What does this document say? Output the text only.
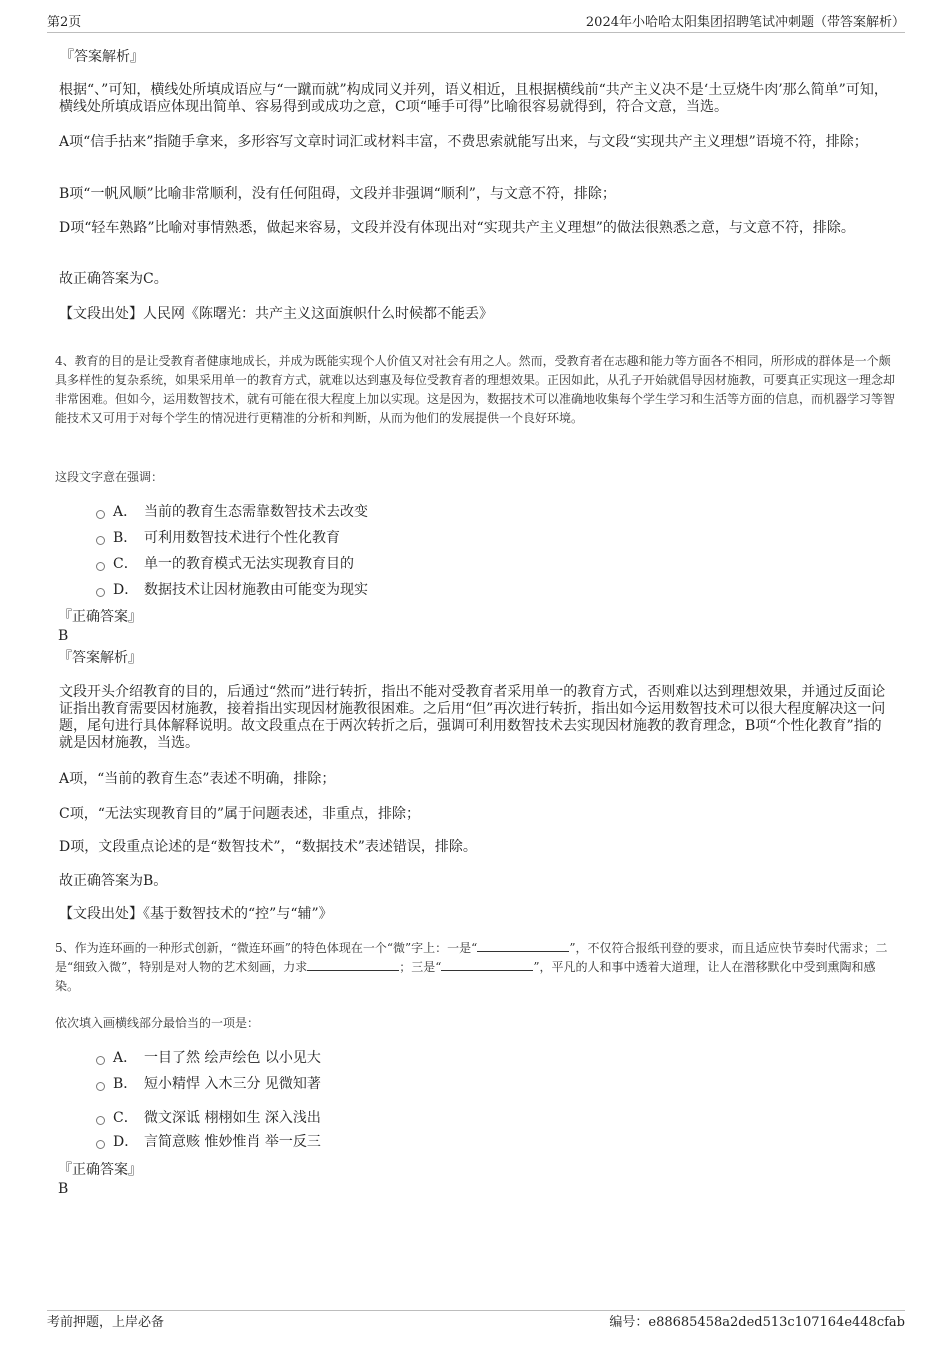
第2页	2024年小哈哈太阳集团招聘笔试冲刺题（带答案解析）
『答案解析』
根据“、”可知，横线处所填成语应与“一蹴而就”构成同义并列，语义相近，且根据横线前“共产主义决不是‘土豆烧牛肉’那么简单”可知，横线处所填成语应体现出简单、容易得到或成功之意，C项“唾手可得”比喻很容易就得到，符合文意，当选。
A项“信手拈来”指随手拿来，多形容写文章时词汇或材料丰富，不费思索就能写出来，与文段“实现共产主义理想”语境不符，排除；
B项“一帆风顺”比喻非常顺利，没有任何阻碍，文段并非强调“顺利”，与文意不符，排除；
D项“轻车熟路”比喻对事情熟悉，做起来容易，文段并没有体现出对“实现共产主义理想”的做法很熟悉之意，与文意不符，排除。
故正确答案为C。
【文段出处】人民网《陈曙光：共产主义这面旗帜什么时候都不能丢》
4、教育的目的是让受教育者健康地成长，并成为既能实现个人价值又对社会有用之人。然而，受教育者在志趣和能力等方面各不相同，所形成的群体是一个颇具多样性的复杂系统，如果采用单一的教育方式，就难以达到惠及每位受教育者的理想效果。正因如此，从孔子开始就倡导因材施教，可要真正实现这一理念却非常困难。但如今，运用数智技术，就有可能在很大程度上加以实现。这是因为，数据技术可以准确地收集每个学生学习和生活等方面的信息，而机器学习等智能技术又可用于对每个学生的情况进行更精准的分析和判断，从而为他们的发展提供一个良好环境。
这段文字意在强调：
A． 当前的教育生态需靠数智技术去改变
B． 可利用数智技术进行个性化教育
C． 单一的教育模式无法实现教育目的
D． 数据技术让因材施教由可能变为现实
『正确答案』
B
『答案解析』
文段开头介绍教育的目的，后通过“然而”进行转折，指出不能对受教育者采用单一的教育方式，否则难以达到理想效果，并通过反面论证指出教育需要因材施教，接着指出实现因材施教很困难。之后用“但”再次进行转折，指出如今运用数智技术可以很大程度解决这一问题，尾句进行具体解释说明。故文段重点在于两次转折之后，强调可利用数智技术去实现因材施教的教育理念，B项“个性化教育”指的就是因材施教，当选。
A项，“当前的教育生态”表述不明确，排除；
C项，“无法实现教育目的”属于问题表述，非重点，排除；
D项，文段重点论述的是“数智技术”，“数据技术”表述错误，排除。
故正确答案为B。
【文段出处】《基于数智技术的“控”与“辅”》
5、作为连环画的一种形式创新，“微连环画”的特色体现在一个“微”字上：一是“	”，不仅符合报纸刊登的要求，而且适应快节奏时代需求；二是“细致入微”，特别是对人物的艺术刻画，力求	；三是“	”，平凡的人和事中透着大道理，让人在潜移默化中受到熏陶和感染。
依次填入画横线部分最恰当的一项是：
A． 一目了然 绘声绘色 以小见大
B． 短小精悍 入木三分 见微知著
C． 微文深诋 栩栩如生 深入浅出
D． 言简意赅 惟妙惟肖 举一反三
『正确答案』
B
考前押题，上岸必备	编号：e88685458a2ded513c107164e448cfab
